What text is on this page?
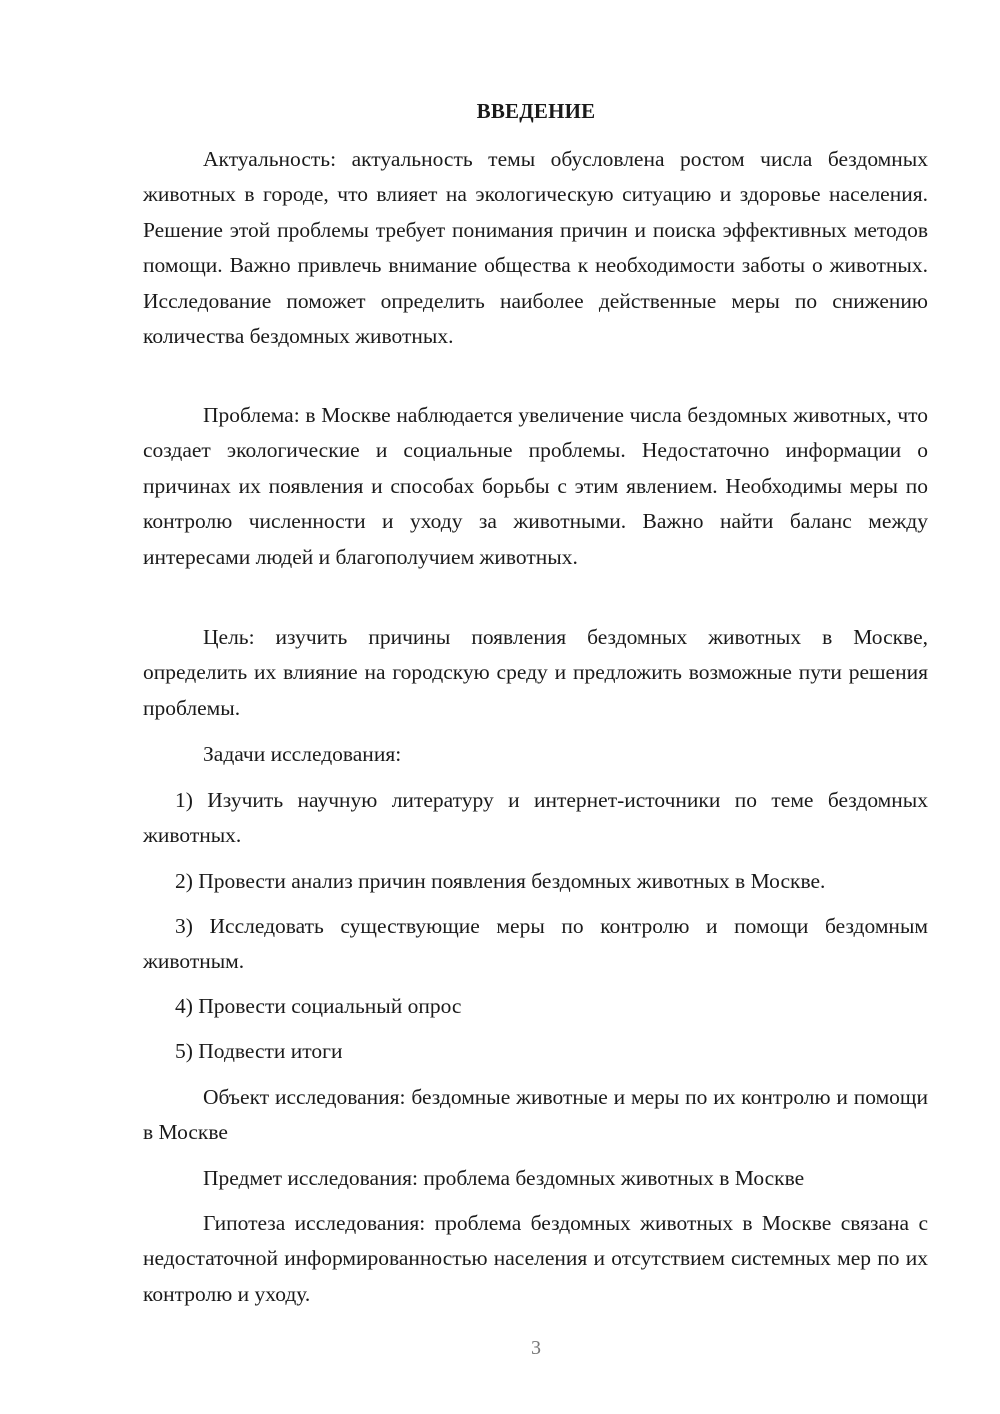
ВВЕДЕНИЕ

Актуальность: актуальность темы обусловлена ростом числа бездомных животных в городе, что влияет на экологическую ситуацию и здоровье населения. Решение этой проблемы требует понимания причин и поиска эффективных методов помощи. Важно привлечь внимание общества к необходимости заботы о животных. Исследование поможет определить наиболее действенные меры по снижению количества бездомных животных.

Проблема: в Москве наблюдается увеличение числа бездомных животных, что создает экологические и социальные проблемы. Недостаточно информации о причинах их появления и способах борьбы с этим явлением. Необходимы меры по контролю численности и уходу за животными. Важно найти баланс между интересами людей и благополучием животных.

Цель: изучить причины появления бездомных животных в Москве, определить их влияние на городскую среду и предложить возможные пути решения проблемы.

Задачи исследования:

1) Изучить научную литературу и интернет-источники по теме бездомных животных.

2) Провести анализ причин появления бездомных животных в Москве.

3) Исследовать существующие меры по контролю и помощи бездомным животным.

4) Провести социальный опрос

5) Подвести итоги

Объект исследования: бездомные животные и меры по их контролю и помощи в Москве

Предмет исследования: проблема бездомных животных в Москве

Гипотеза исследования: проблема бездомных животных в Москве связана с недостаточной информированностью населения и отсутствием системных мер по их контролю и уходу.

3
